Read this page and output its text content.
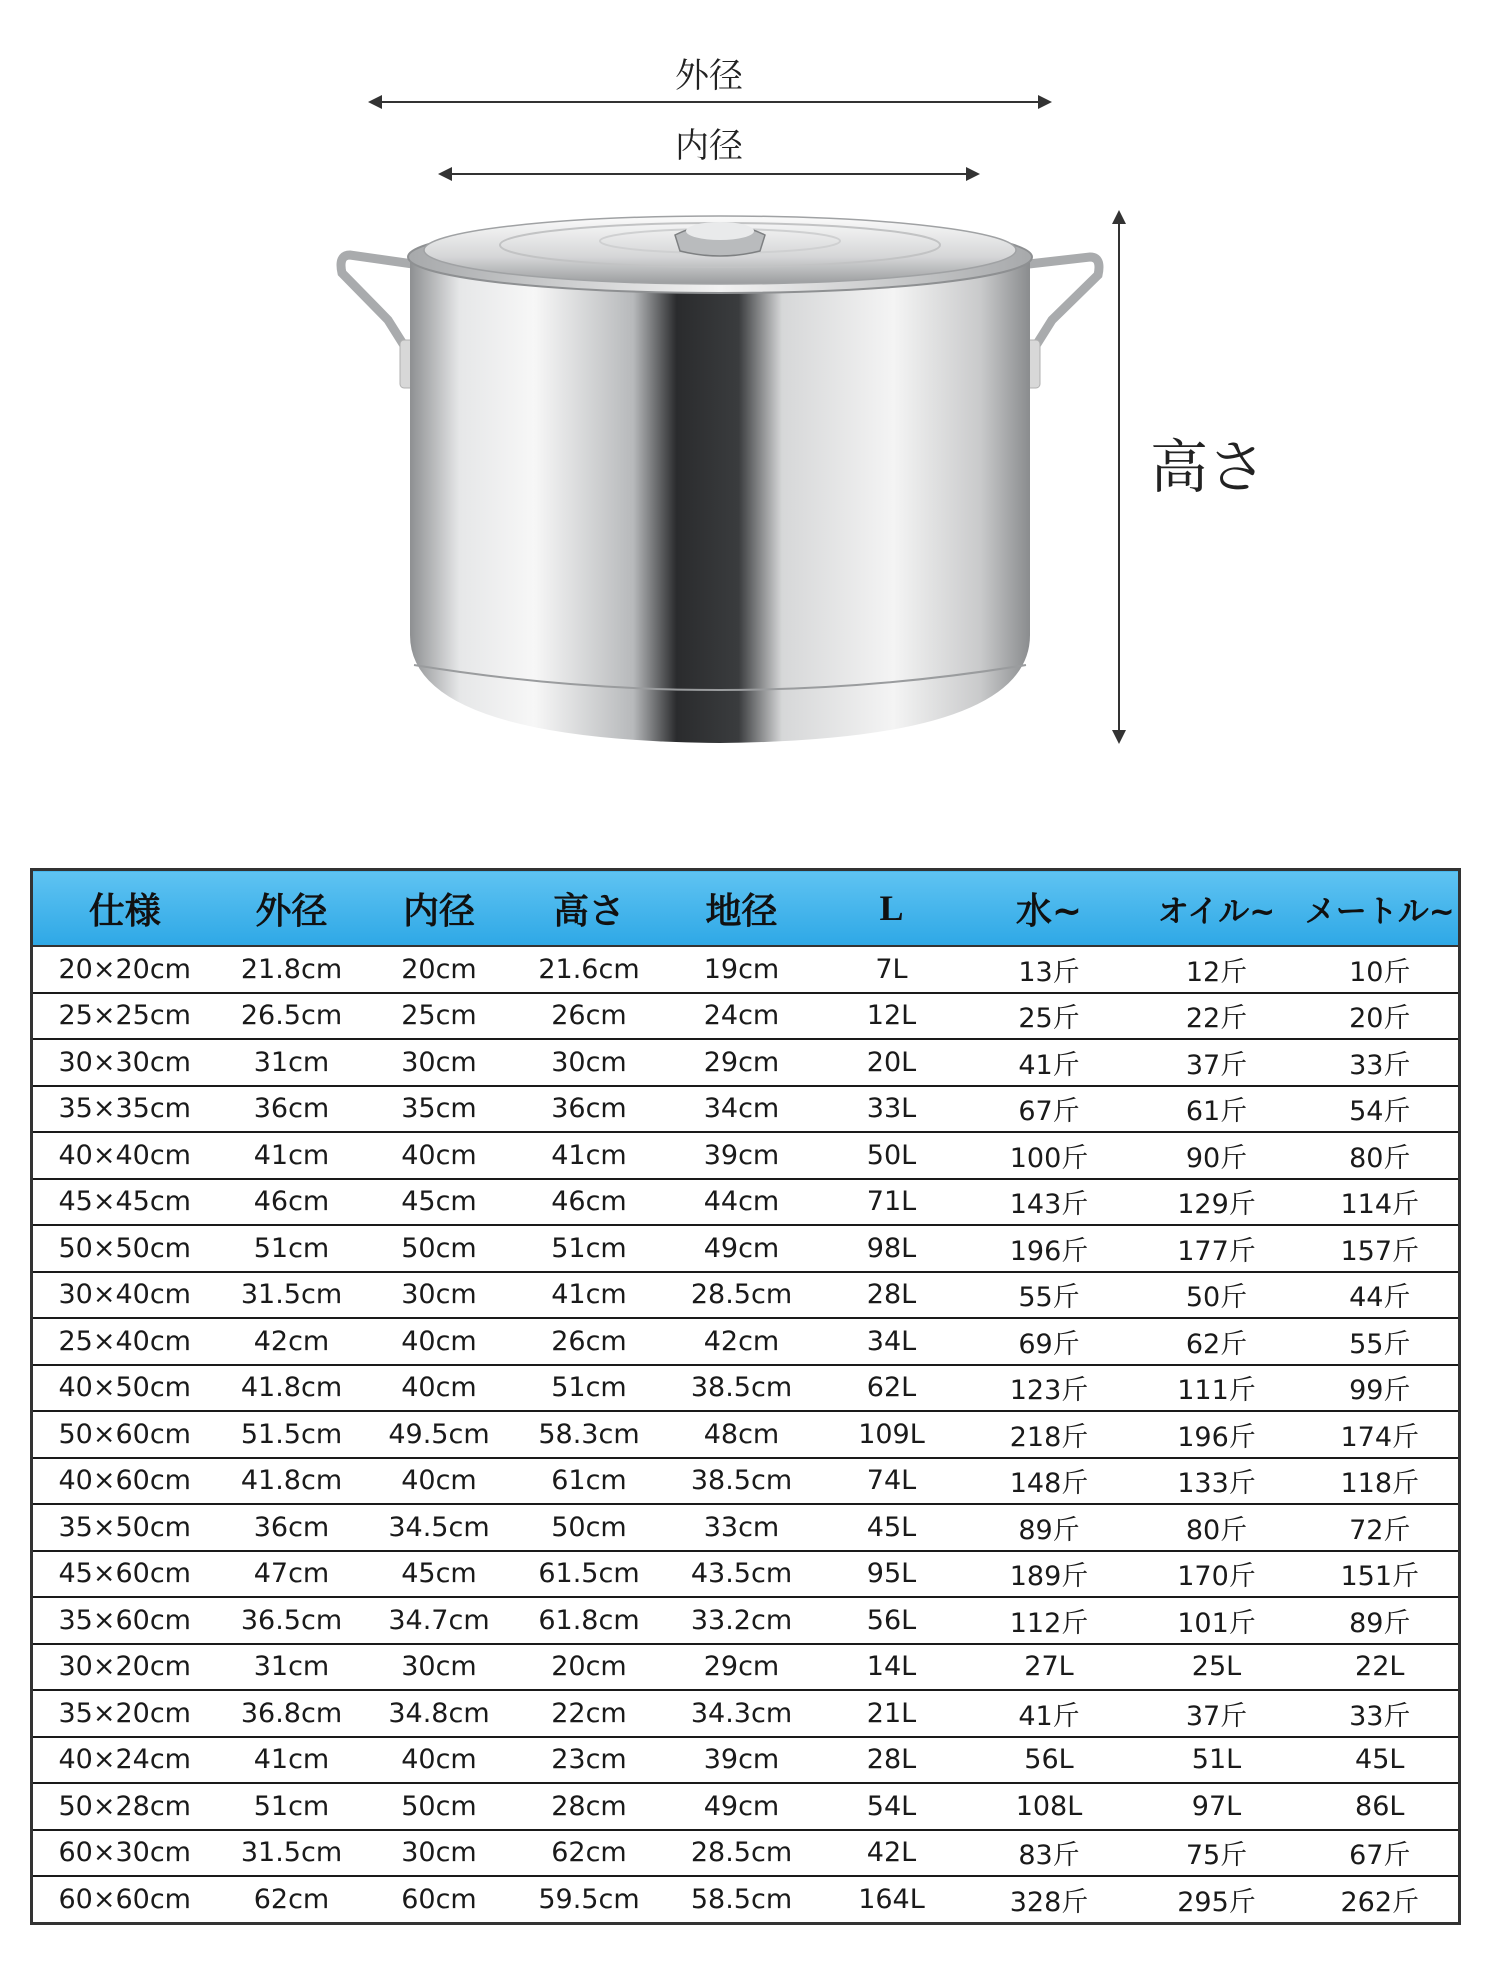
外径
内径
高さ
仕様	外径	内径	高さ	地径	L	水~	オイル~	メートル~
20×20cm	21.8cm	20cm	21.6cm	19cm	7L	13斤	12斤	10斤
25×25cm	26.5cm	25cm	26cm	24cm	12L	25斤	22斤	20斤
30×30cm	31cm	30cm	30cm	29cm	20L	41斤	37斤	33斤
35×35cm	36cm	35cm	36cm	34cm	33L	67斤	61斤	54斤
40×40cm	41cm	40cm	41cm	39cm	50L	100斤	90斤	80斤
45×45cm	46cm	45cm	46cm	44cm	71L	143斤	129斤	114斤
50×50cm	51cm	50cm	51cm	49cm	98L	196斤	177斤	157斤
30×40cm	31.5cm	30cm	41cm	28.5cm	28L	55斤	50斤	44斤
25×40cm	42cm	40cm	26cm	42cm	34L	69斤	62斤	55斤
40×50cm	41.8cm	40cm	51cm	38.5cm	62L	123斤	111斤	99斤
50×60cm	51.5cm	49.5cm	58.3cm	48cm	109L	218斤	196斤	174斤
40×60cm	41.8cm	40cm	61cm	38.5cm	74L	148斤	133斤	118斤
35×50cm	36cm	34.5cm	50cm	33cm	45L	89斤	80斤	72斤
45×60cm	47cm	45cm	61.5cm	43.5cm	95L	189斤	170斤	151斤
35×60cm	36.5cm	34.7cm	61.8cm	33.2cm	56L	112斤	101斤	89斤
30×20cm	31cm	30cm	20cm	29cm	14L	27L	25L	22L
35×20cm	36.8cm	34.8cm	22cm	34.3cm	21L	41斤	37斤	33斤
40×24cm	41cm	40cm	23cm	39cm	28L	56L	51L	45L
50×28cm	51cm	50cm	28cm	49cm	54L	108L	97L	86L
60×30cm	31.5cm	30cm	62cm	28.5cm	42L	83斤	75斤	67斤
60×60cm	62cm	60cm	59.5cm	58.5cm	164L	328斤	295斤	262斤
